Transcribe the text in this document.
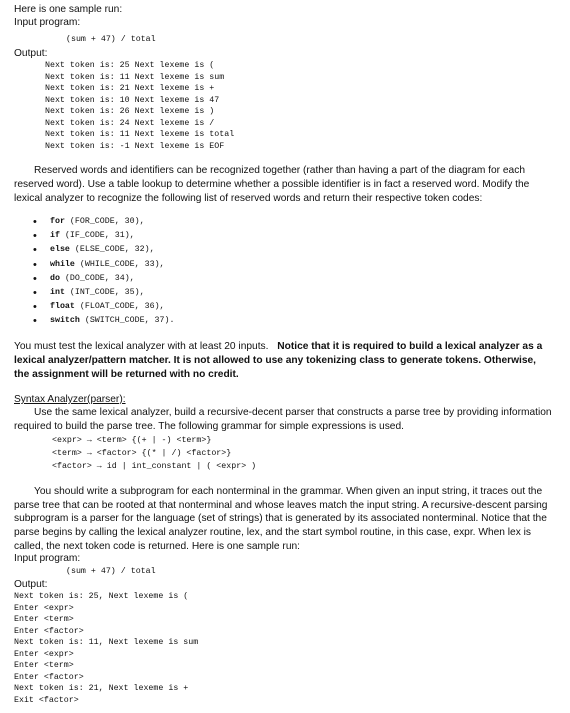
Here is one sample run:
Input program:
(sum + 47) / total
Output:
Next token is: 25 Next lexeme is (
Next token is: 11 Next lexeme is sum
Next token is: 21 Next lexeme is +
Next token is: 10 Next lexeme is 47
Next token is: 26 Next lexeme is )
Next token is: 24 Next lexeme is /
Next token is: 11 Next lexeme is total
Next token is: -1 Next lexeme is EOF

Reserved words and identifiers can be recognized together (rather than having a part of the diagram for each reserved word). Use a table lookup to determine whether a possible identifier is in fact a reserved word. Modify the lexical analyzer to recognize the following list of reserved words and return their respective token codes:

• for (FOR_CODE, 30),
• if (IF_CODE, 31),
• else (ELSE_CODE, 32),
• while (WHILE_CODE, 33),
• do (DO_CODE, 34),
• int (INT_CODE, 35),
• float (FLOAT_CODE, 36),
• switch (SWITCH_CODE, 37).

You must test the lexical analyzer with at least 20 inputs. Notice that it is required to build a lexical analyzer as a lexical analyzer/pattern matcher. It is not allowed to use any tokenizing class to generate tokens. Otherwise, the assignment will be returned with no credit.

Syntax Analyzer(parser):

Use the same lexical analyzer, build a recursive-decent parser that constructs a parse tree by providing information required to build the parse tree. The following grammar for simple expressions is used.

<expr> → <term> {(+ | -) <term>}
<term> → <factor> {(* | /) <factor>}
<factor> → id | int_constant | ( <expr> )

You should write a subprogram for each nonterminal in the grammar. When given an input string, it traces out the parse tree that can be rooted at that nonterminal and whose leaves match the input string. A recursive-descent parsing subprogram is a parser for the language (set of strings) that is generated by its associated nonterminal. Notice that the parse begins by calling the lexical analyzer routine, lex, and the start symbol routine, in this case, expr. When lex is called, the next token code is returned. Here is one sample run:

Input program:
(sum + 47) / total
Output:
Next token is: 25, Next lexeme is (
Enter <expr>
Enter <term>
Enter <factor>
Next token is: 11, Next lexeme is sum
Enter <expr>
Enter <term>
Enter <factor>
Next token is: 21, Next lexeme is +
Exit <factor>
